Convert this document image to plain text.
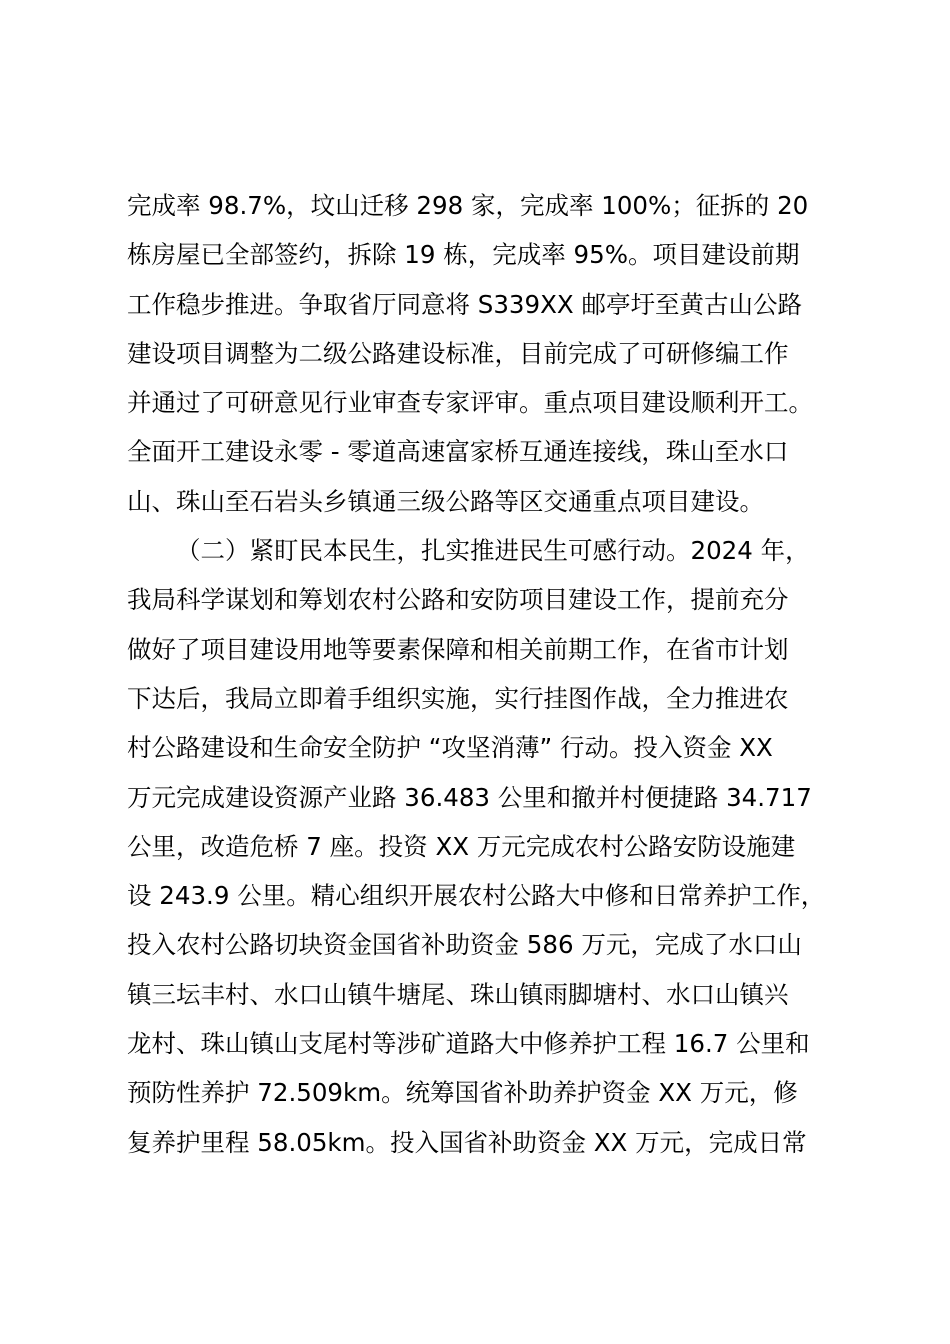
完成率 98.7%，坟山迁移 298 家，完成率 100%；征拆的 20
栋房屋已全部签约，拆除 19 栋，完成率 95%。项目建设前期
工作稳步推进。争取省厅同意将 S339XX 邮亭圩至黄古山公路
建设项目调整为二级公路建设标准，目前完成了可研修编工作
并通过了可研意见行业审查专家评审。重点项目建设顺利开工。
全面开工建设永零 - 零道高速富家桥互通连接线，珠山至水口
山、珠山至石岩头乡镇通三级公路等区交通重点项目建设。
（二）紧盯民本民生，扎实推进民生可感行动。2024 年，
我局科学谋划和筹划农村公路和安防项目建设工作，提前充分
做好了项目建设用地等要素保障和相关前期工作，在省市计划
下达后，我局立即着手组织实施，实行挂图作战，全力推进农
村公路建设和生命安全防护 “攻坚消薄” 行动。投入资金 XX
万元完成建设资源产业路 36.483 公里和撤并村便捷路 34.717
公里，改造危桥 7 座。投资 XX 万元完成农村公路安防设施建
设 243.9 公里。精心组织开展农村公路大中修和日常养护工作，
投入农村公路切块资金国省补助资金 586 万元，完成了水口山
镇三坛丰村、水口山镇牛塘尾、珠山镇雨脚塘村、水口山镇兴
龙村、珠山镇山支尾村等涉矿道路大中修养护工程 16.7 公里和
预防性养护 72.509km。统筹国省补助养护资金 XX 万元，修
复养护里程 58.05km。投入国省补助资金 XX 万元，完成日常
